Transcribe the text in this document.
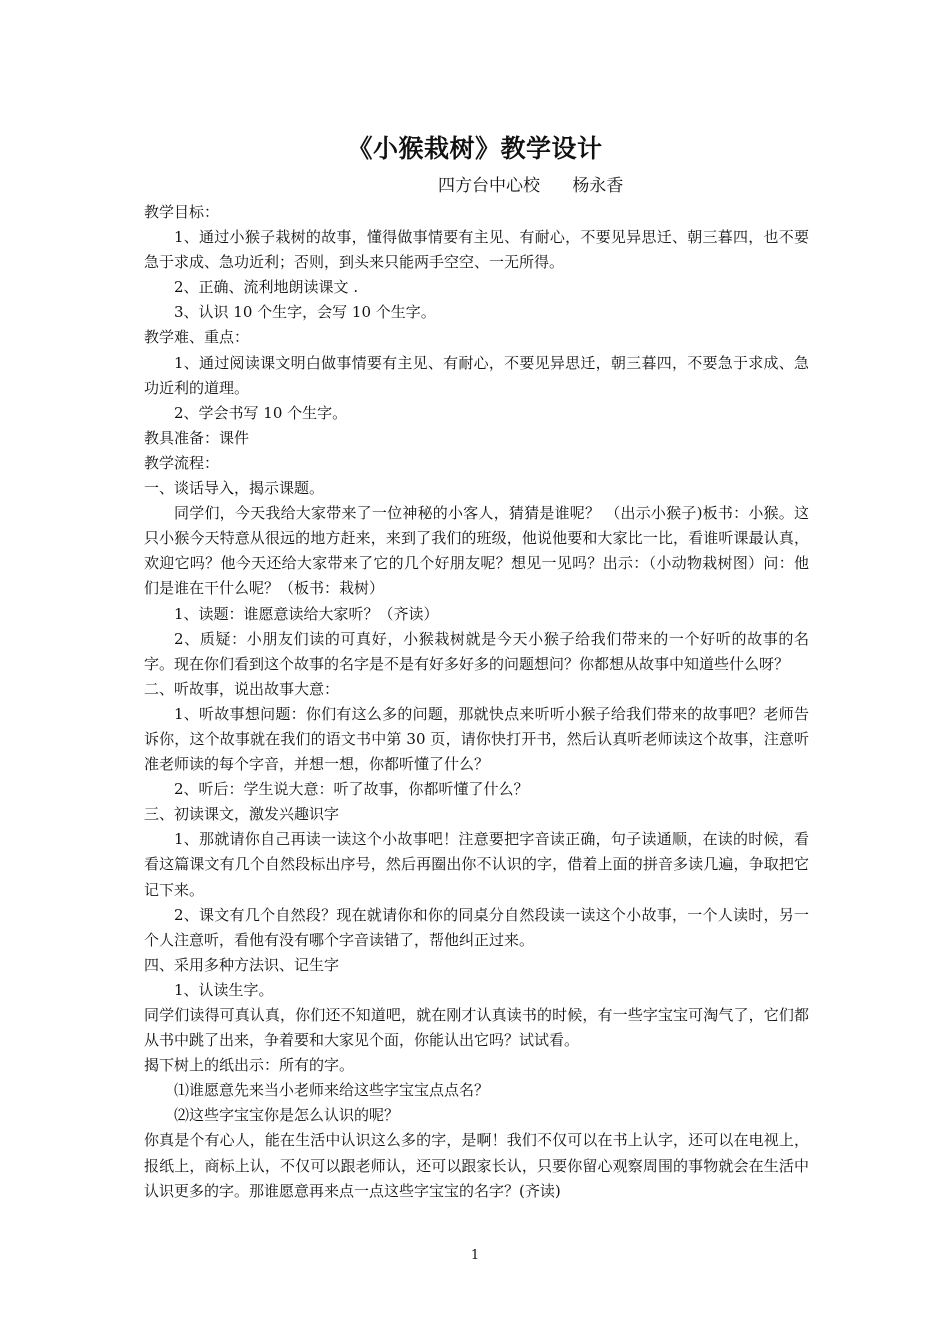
《小猴栽树》教学设计
四方台中心校      杨永香

教学目标：

1、通过小猴子栽树的故事，懂得做事情要有主见、有耐心，不要见异思迁、朝三暮四，也不要急于求成、急功近利；否则，到头来只能两手空空、一无所得。

2、正确、流利地朗读课文 .

3、认识 10 个生字，会写 10 个生字。

教学难、重点：

1、通过阅读课文明白做事情要有主见、有耐心，不要见异思迁，朝三暮四，不要急于求成、急功近利的道理。

2、学会书写 10 个生字。

教具准备：课件

教学流程：

一、谈话导入，揭示课题。

同学们，今天我给大家带来了一位神秘的小客人，猜猜是谁呢？ （出示小猴子)板书：小猴。这只小猴今天特意从很远的地方赶来，来到了我们的班级，他说他要和大家比一比，看谁听课最认真，欢迎它吗？他今天还给大家带来了它的几个好朋友呢？想见一见吗？出示：（小动物栽树图）问：他们是谁在干什么呢？（板书：栽树）

1、读题：谁愿意读给大家听？（齐读）

2、质疑：小朋友们读的可真好，小猴栽树就是今天小猴子给我们带来的一个好听的故事的名字。现在你们看到这个故事的名字是不是有好多好多的问题想问？你都想从故事中知道些什么呀？

二、听故事，说出故事大意：

1、听故事想问题：你们有这么多的问题，那就快点来听听小猴子给我们带来的故事吧？老师告诉你，这个故事就在我们的语文书中第 30 页，请你快打开书，然后认真听老师读这个故事，注意听准老师读的每个字音，并想一想，你都听懂了什么？

2、听后：学生说大意：听了故事，你都听懂了什么？

三、初读课文，激发兴趣识字

1、那就请你自己再读一读这个小故事吧！注意要把字音读正确，句子读通顺，在读的时候，看看这篇课文有几个自然段标出序号，然后再圈出你不认识的字，借着上面的拼音多读几遍，争取把它记下来。

2、课文有几个自然段？现在就请你和你的同桌分自然段读一读这个小故事，一个人读时，另一个人注意听，看他有没有哪个字音读错了，帮他纠正过来。

四、采用多种方法识、记生字

1、认读生字。

同学们读得可真认真，你们还不知道吧，就在刚才认真读书的时候，有一些字宝宝可淘气了，它们都从书中跳了出来，争着要和大家见个面，你能认出它吗？试试看。

揭下树上的纸出示：所有的字。

⑴谁愿意先来当小老师来给这些字宝宝点点名？

⑵这些字宝宝你是怎么认识的呢？

你真是个有心人，能在生活中认识这么多的字，是啊！我们不仅可以在书上认字，还可以在电视上，报纸上，商标上认，不仅可以跟老师认，还可以跟家长认，只要你留心观察周围的事物就会在生活中认识更多的字。那谁愿意再来点一点这些字宝宝的名字？(齐读)

1
